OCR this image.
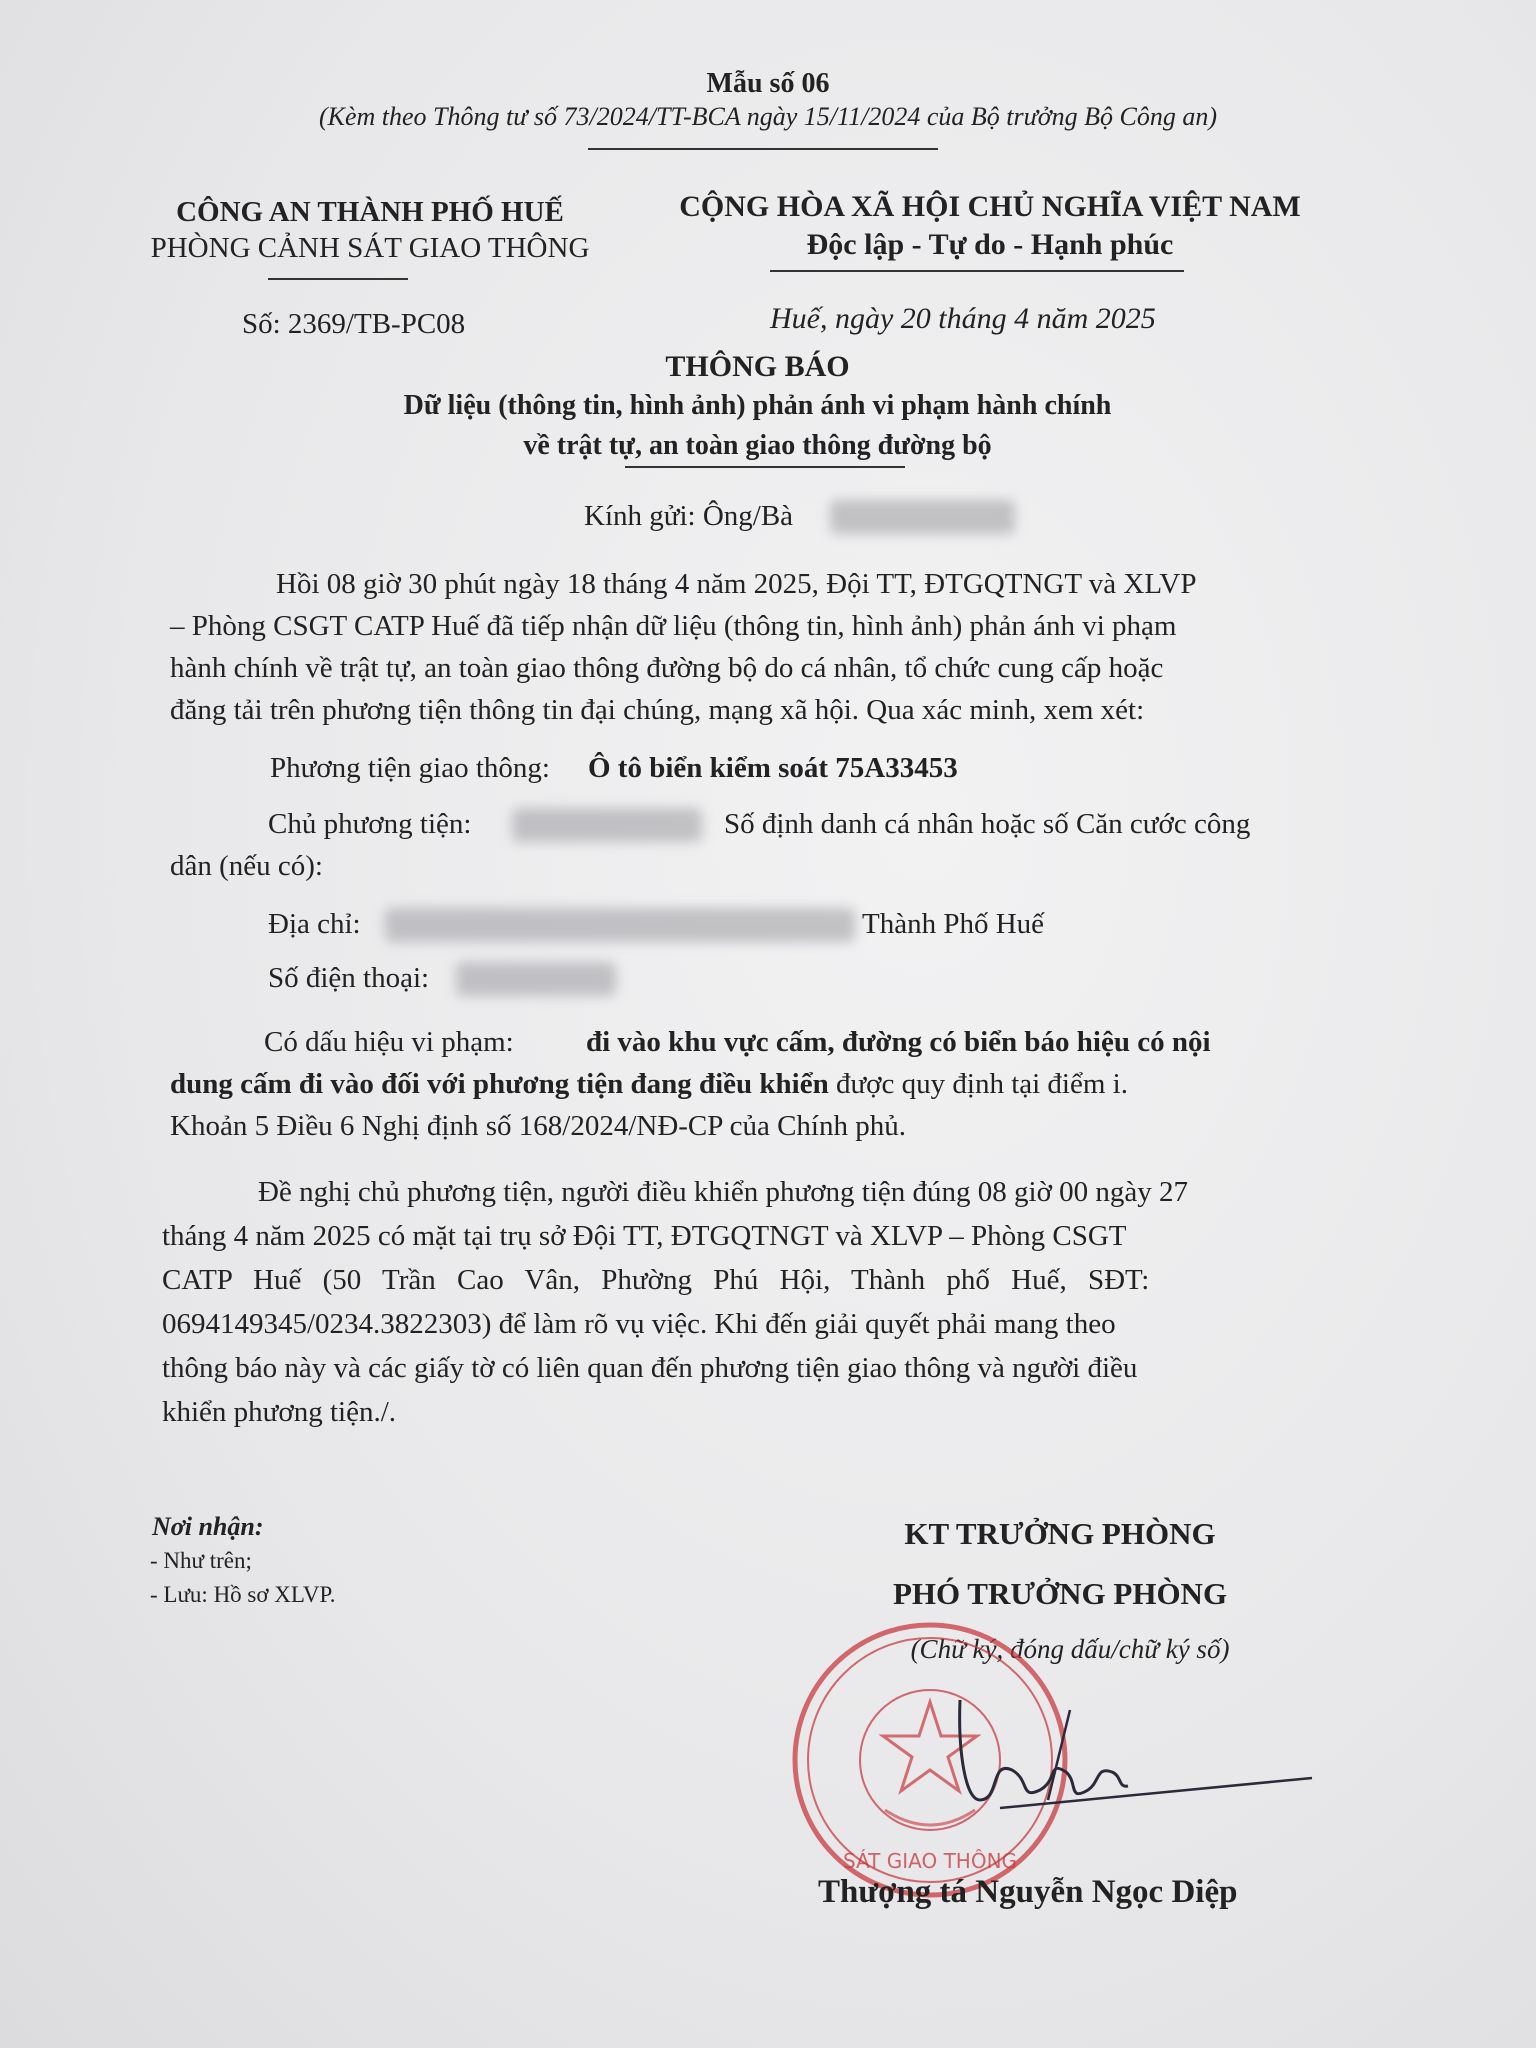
Mẫu số 06
(Kèm theo Thông tư số 73/2024/TT-BCA ngày 15/11/2024 của Bộ trưởng Bộ Công an)
CÔNG AN THÀNH PHỐ HUẾ
PHÒNG CẢNH SÁT GIAO THÔNG
CỘNG HÒA XÃ HỘI CHỦ NGHĨA VIỆT NAM
Độc lập - Tự do - Hạnh phúc
Số: 2369/TB-PC08	Huế, ngày 20 tháng 4 năm 2025
THÔNG BÁO
Dữ liệu (thông tin, hình ảnh) phản ánh vi phạm hành chính
về trật tự, an toàn giao thông đường bộ
Kính gửi: Ông/Bà
Hồi 08 giờ 30 phút ngày 18 tháng 4 năm 2025, Đội TT, ĐTGQTNGT và XLVP
– Phòng CSGT CATP Huế đã tiếp nhận dữ liệu (thông tin, hình ảnh) phản ánh vi phạm
hành chính về trật tự, an toàn giao thông đường bộ do cá nhân, tổ chức cung cấp hoặc
đăng tải trên phương tiện thông tin đại chúng, mạng xã hội. Qua xác minh, xem xét:
Phương tiện giao thông: Ô tô biển kiểm soát 75A33453
Chủ phương tiện:	Số định danh cá nhân hoặc số Căn cước công
dân (nếu có):
Địa chỉ:	Thành Phố Huế
Số điện thoại:
Có dấu hiệu vi phạm: đi vào khu vực cấm, đường có biển báo hiệu có nội
dung cấm đi vào đối với phương tiện đang điều khiển được quy định tại điểm i.
Khoản 5 Điều 6 Nghị định số 168/2024/NĐ-CP của Chính phủ.
Đề nghị chủ phương tiện, người điều khiển phương tiện đúng 08 giờ 00 ngày 27
tháng 4 năm 2025 có mặt tại trụ sở Đội TT, ĐTGQTNGT và XLVP – Phòng CSGT
CATP Huế (50 Trần Cao Vân, Phường Phú Hội, Thành phố Huế, SĐT:
0694149345/0234.3822303) để làm rõ vụ việc. Khi đến giải quyết phải mang theo
thông báo này và các giấy tờ có liên quan đến phương tiện giao thông và người điều
khiển phương tiện./.
Nơi nhận:
- Như trên;
- Lưu: Hồ sơ XLVP.
KT TRƯỞNG PHÒNG
PHÓ TRƯỞNG PHÒNG
(Chữ ký, đóng dấu/chữ ký số)
SÁT GIAO THÔNG
Thượng tá Nguyễn Ngọc Diệp
